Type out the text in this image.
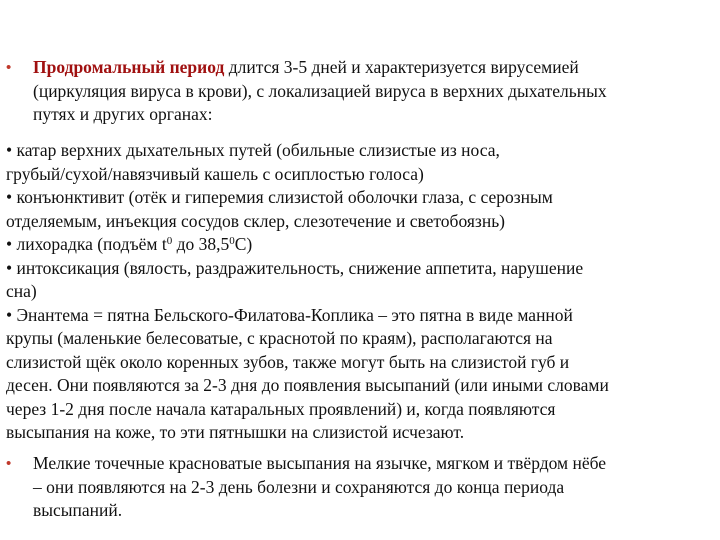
•	Продромальный период длится 3-5 дней и характеризуется вирусемией
(циркуляция вируса в крови), с локализацией вируса в верхних дыхательных
путях и других органах:
• катар верхних дыхательных путей (обильные слизистые из носа,
грубый/сухой/навязчивый кашель с осиплостью голоса)
• конъюнктивит (отёк и гиперемия слизистой оболочки глаза, с серозным
отделяемым, инъекция сосудов склер, слезотечение и светобоязнь)
• лихорадка (подъём $t^0$ до 38,5$^0$С)
• интоксикация (вялость, раздражительность, снижение аппетита, нарушение
сна)
• Энантема = пятна Бельского-Филатова-Коплика – это пятна в виде манной
крупы (маленькие белесоватые, с краснотой по краям), располагаются на
слизистой щёк около коренных зубов, также могут быть на слизистой губ и
десен. Они появляются за 2-3 дня до появления высыпаний (или иными словами
через 1-2 дня после начала катаральных проявлений) и, когда появляются
высыпания на коже, то эти пятнышки на слизистой исчезают.
•	Мелкие точечные красноватые высыпания на язычке, мягком и твёрдом нёбе
– они появляются на 2-3 день болезни и сохраняются до конца периода
высыпаний.
